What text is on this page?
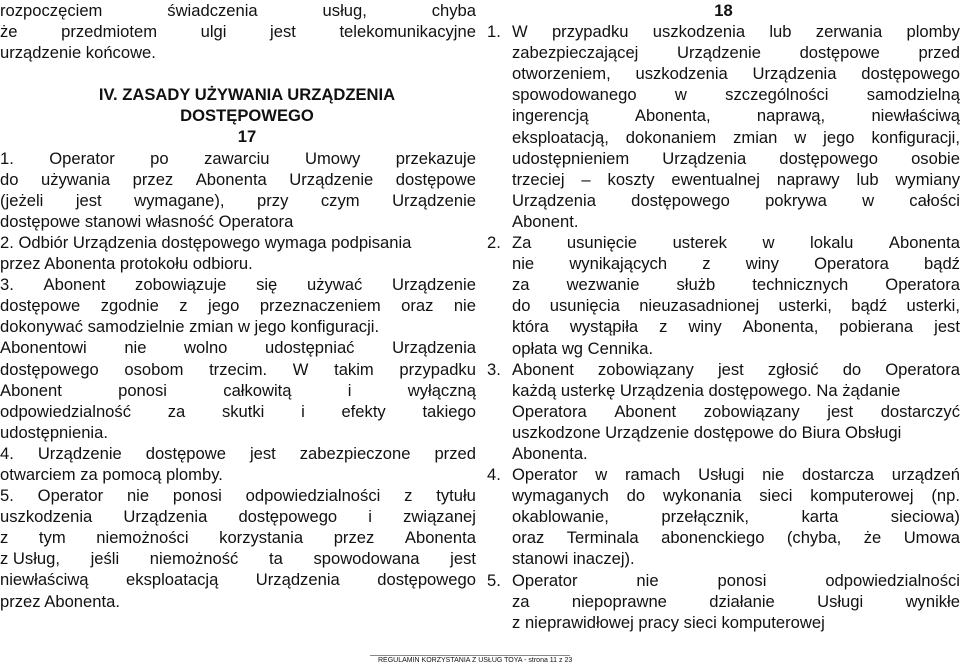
rozpoczęciem	świadczenia	usług,	chyba
że	przedmiotem	ulgi	jest	telekomunikacyjne
urządzenie końcowe.
IV. ZASADY UŻYWANIA URZĄDZENIA
DOSTĘPOWEGO
17
1. Operator po zawarciu Umowy przekazuje
do używania przez Abonenta Urządzenie dostępowe
(jeżeli jest wymagane), przy czym Urządzenie
dostępowe stanowi własność Operatora
2. Odbiór Urządzenia dostępowego wymaga podpisania
przez Abonenta protokołu odbioru.
3. Abonent zobowiązuje się używać Urządzenie
dostępowe zgodnie z jego przeznaczeniem oraz nie
dokonywać samodzielnie zmian w jego konfiguracji.
Abonentowi nie wolno udostępniać Urządzenia
dostępowego osobom trzecim. W takim przypadku
Abonent	ponosi	całkowitą	i	wyłączną
odpowiedzialność za skutki i efekty takiego
udostępnienia.
4. Urządzenie dostępowe jest zabezpieczone przed
otwarciem za pomocą plomby.
5. Operator nie ponosi odpowiedzialności z tytułu
uszkodzenia Urządzenia dostępowego i związanej
z tym niemożności korzystania przez Abonenta
z Usług, jeśli niemożność ta spowodowana jest
niewłaściwą eksploatacją Urządzenia dostępowego
przez Abonenta.
18
1. W przypadku uszkodzenia lub zerwania plomby
zabezpieczającej Urządzenie dostępowe przed
otworzeniem, uszkodzenia Urządzenia dostępowego
spowodowanego w szczególności samodzielną
ingerencją	Abonenta,	naprawą,	niewłaściwą
eksploatacją, dokonaniem zmian w jego konfiguracji,
udostępnieniem Urządzenia dostępowego osobie
trzeciej – koszty ewentualnej naprawy lub wymiany
Urządzenia dostępowego pokrywa w całości
Abonent.
2. Za usunięcie usterek w lokalu Abonenta
nie wynikających z winy Operatora bądź
za wezwanie służb technicznych Operatora
do usunięcia nieuzasadnionej usterki, bądź usterki,
która wystąpiła z winy Abonenta, pobierana jest
opłata wg Cennika.
3. Abonent zobowiązany jest zgłosić do Operatora
każdą usterkę Urządzenia dostępowego. Na żądanie
Operatora Abonent zobowiązany jest dostarczyć
uszkodzone Urządzenie dostępowe do Biura Obsługi
Abonenta.
4. Operator w ramach Usługi nie dostarcza urządzeń
wymaganych do wykonania sieci komputerowej (np.
okablowanie,	przełącznik,	karta	sieciowa)
oraz Terminala abonenckiego (chyba, że Umowa
stanowi inaczej).
5. Operator	nie	ponosi	odpowiedzialności
za	niepoprawne	działanie	Usługi	wynikłe
z nieprawidłowej pracy sieci komputerowej
REGULAMIN KORZYSTANIA Z USŁUG TOYA - strona 11 z 23
